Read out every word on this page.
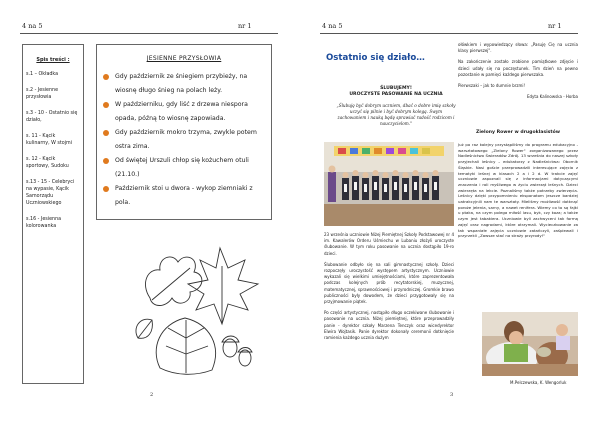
4 na 5	nr 1
Spis treści :
s.1 – Okładka
s.2 - Jesienne przysłowia
s.3 - 10 - Ostatnio się działo,
s. 11 - Kącik kulinarny, W stojmi
s. 12 - Kącik sportowy, Sudoku
s.13 - 15 - Celebryci na wypasie, Kącik Samorządu Uczniowskiego
s.16 - Jesienna kolorowanka
JESIENNE PRZYSŁOWIA
Gdy październik ze śniegiem przybieży, na wiosnę długo śnieg na polach leży.
W październiku, gdy liść z drzewa niespora opada, późną to wiosnę zapowiada.
Gdy październik mokro trzyma, zwykle potem ostra zima.
Od świętej Urszuli chłop się kożuchem otuli (21.10.)
Październik stoi u dwora - wykop ziemniaki z pola.
2
4 na 5	nr 1
Ostatnio się działo…
ŚLUBUJEMY!
UROCZYSTE PASOWANIE NA UCZNIA
„Ślubuję być dobrym uczniem, dbać o dobre imię szkoły uczyć się pilnie i być dobrym kolegą. Swym zachowaniem i nauką będę sprawiać radość rodzicom i nauczycielom."

23 września uczniowie Niżej Piemiętnej Szkoły Podstawowej nr 4 im. Kawalerów Orderu Uśmiechu w Lubaniu złożyli uroczyste ślubowanie. W tym roku pasowanie na ucznia dostąpiło 19-ro dzieci.

Ślubowanie odbyło się na sali gimnastycznej szkoły. Dzieci rozpoczęły uroczystość występem artystycznym. Uczniowie wykazali się wielkimi umiejętnościami, które zaprezentowała podczas kolejnych prób recytatorskiej, muzycznej, matematycznej, sprawnościowej i przyrodniczej. Gromkie brawo publiczności były dowodem, że dzieci przygotowały się na przyjmowanie piątek.

Po części artystycznej, nastąpiło długo oczekiwane ślubowanie i pasowanie na ucznia. Niżej piemiętnej, które przeprowadziły panie - dyrektor szkoły Marzena Tenczyk oraz wicedyrektor Elwira Wojtasik. Panie dyrektor dokonały ceremonii dotknięcie ramienia każdego ucznia dużym

ołówkiem i wypowiedzący słowa: „Pasuję Cię na ucznia klasy pierwszej".

Na zakończenie zostało zrobione pamiątkowe zdjęcie i dzieci udały się na poczęstunek. Tim dzień na pewno pozostanie w pamięci każdego pierwszaka.

Pierwszaki – jak to dumnie brzmi!

Edyta Kalinowska - Horba

Zielony Rower w drugoklasistów
Już po raz kolejny przystąpiliśmy do programu edukacyjno - warsztatowego „Zielony Rower" zorganizowanego przez Nadleśnictwo Świeradów Zdrój. 13 września do naszej szkoły przyjechali leśnicy – edukatorzy z Nadleśnictwa: Obornik Śląskie. Nasi goście przeprowadzili interesujące zajęcia z tematyki leśnej w klasach 2 a i 2 d. W trakcie zajęć uczniowie zapoznali się z informacjami dotyczącymi znaczenia i roli myśliwego w życiu zwierząt leśnych. Dzieci zwierzęta na lekcie. Poznaliśmy także potrzeby zwierzęcia. Leśnicy dzięki przypomnieniu eksponatom jeszcze bardziej uatrakcyjnili nam te warsztaty. Mieliśmy możliwość dotknąć poroże jelenia, sarny, a nawet renifera. Wiemy co to są fajki u ptaka, na czym polega miłość lasu, byk, czy koza; a także czym jest tabakiera. Uczniowie byli zachwyceni tak formą zajęć oraz nagrodami, które otrzymali. Wycieczkowanie za tak wspaniałe zajęcia uczniowie zatańczyli, zaśpiewali i przyrzekli „Zawsze stać na straży przyrody!"
M.Pelczewska, K. Wengorluk
3
